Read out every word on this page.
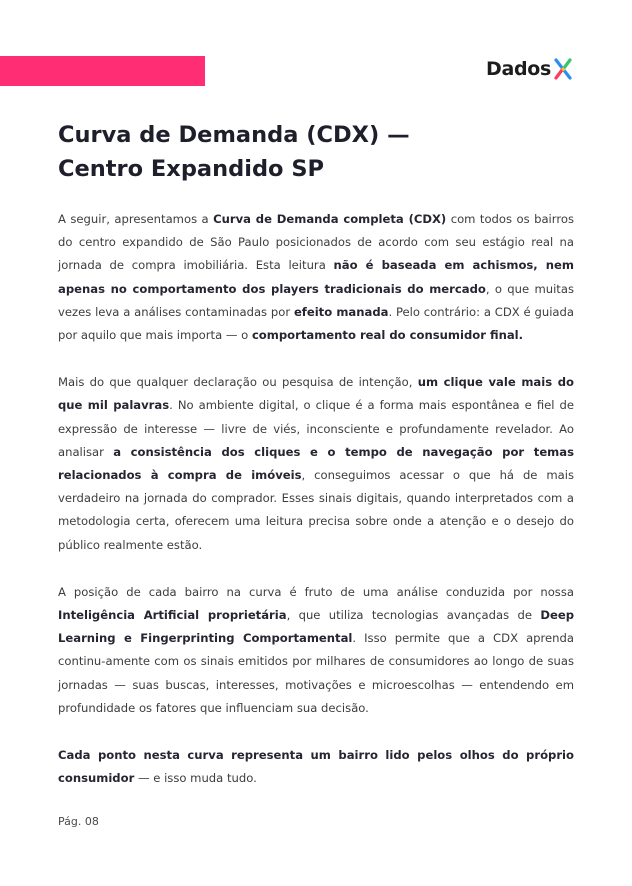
Dados
Curva de Demanda (CDX) —
Centro Expandido SP

A seguir, apresentamos a Curva de Demanda completa (CDX) com todos os bairros do centro expandido de São Paulo posicionados de acordo com seu estágio real na jornada de compra imobiliária. Esta leitura não é baseada em achismos, nem apenas no comportamento dos players tradicionais do mercado, o que muitas vezes leva a análises contaminadas por efeito manada. Pelo contrário: a CDX é guiada por aquilo que mais importa — o comportamento real do consumidor final.

Mais do que qualquer declaração ou pesquisa de intenção, um clique vale mais do que mil palavras. No ambiente digital, o clique é a forma mais espontânea e fiel de expressão de interesse — livre de viés, inconsciente e profundamente revelador. Ao analisar a consistência dos cliques e o tempo de navegação por temas relacionados à compra de imóveis, conseguimos acessar o que há de mais verdadeiro na jornada do comprador. Esses sinais digitais, quando interpretados com a metodologia certa, oferecem uma leitura precisa sobre onde a atenção e o desejo do público realmente estão.

A posição de cada bairro na curva é fruto de uma análise conduzida por nossa Inteligência Artificial proprietária, que utiliza tecnologias avançadas de Deep Learning e Fingerprinting Comportamental. Isso permite que a CDX aprenda continu-amente com os sinais emitidos por milhares de consumidores ao longo de suas jornadas — suas buscas, interesses, motivações e microescolhas — entendendo em profundidade os fatores que influenciam sua decisão.

Cada ponto nesta curva representa um bairro lido pelos olhos do próprio consumidor — e isso muda tudo.

Pág. 08
